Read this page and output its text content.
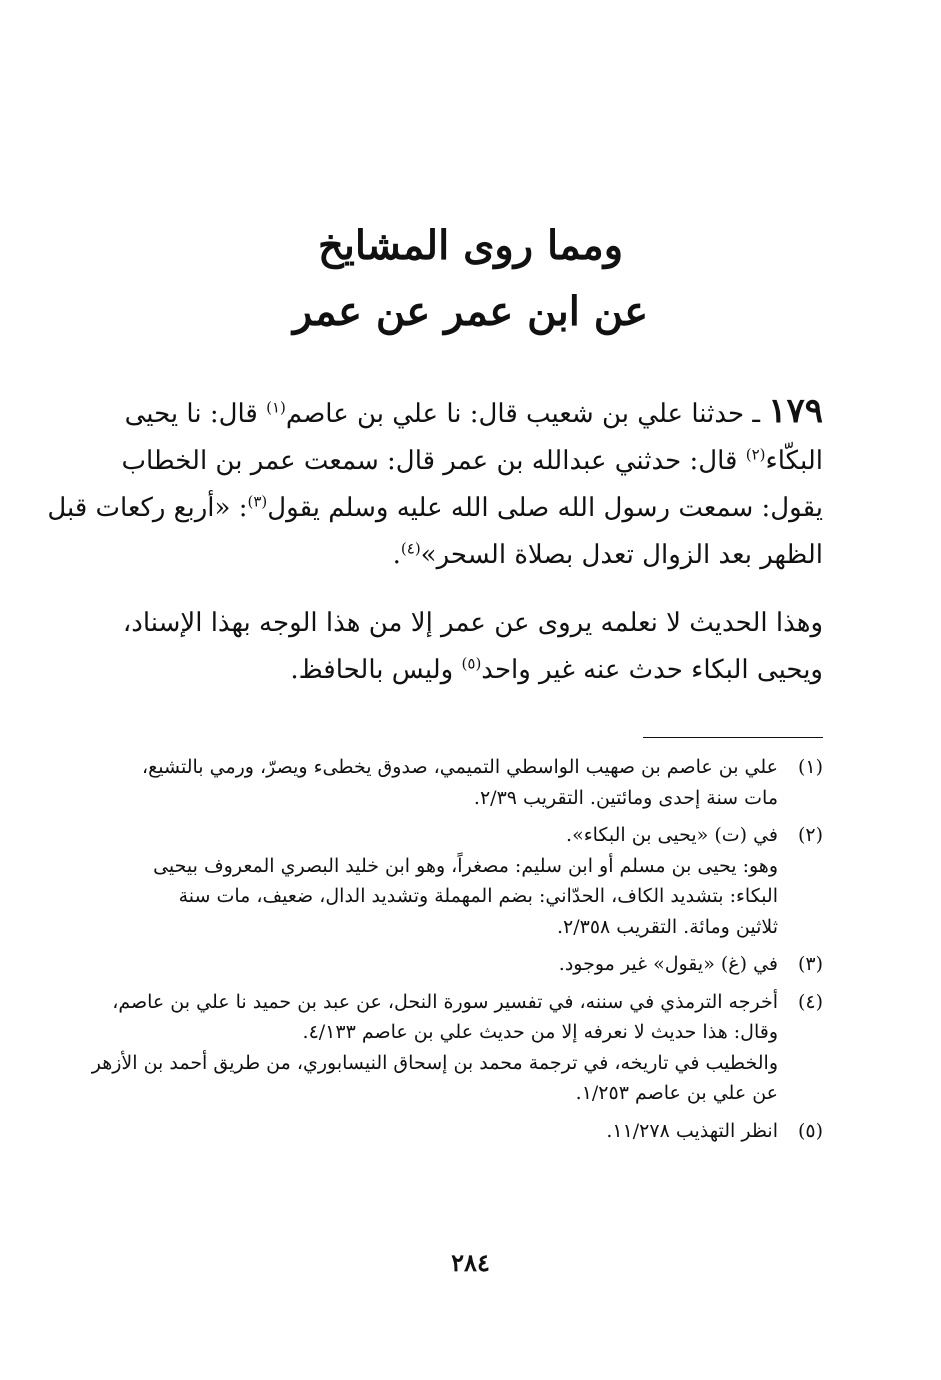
ومما روى المشايخ
عن ابن عمر عن عمر
١٧٩ ـ حدثنا علي بن شعيب قال: نا علي بن عاصم$^{(١)}$ قال: نا يحيى
البكّاء$^{(٢)}$ قال: حدثني عبدالله بن عمر قال: سمعت عمر بن الخطاب
يقول: سمعت رسول الله صلى الله عليه وسلم يقول$^{(٣)}$: «أربع ركعات قبل
الظهر بعد الزوال تعدل بصلاة السحر»$^{(٤)}$.
وهذا الحديث لا نعلمه يروى عن عمر إلا من هذا الوجه بهذا الإسناد،
ويحيى البكاء حدث عنه غير واحد$^{(٥)}$ وليس بالحافظ.
(١)
علي بن عاصم بن صهيب الواسطي التميمي، صدوق يخطىء ويصرّ، ورمي بالتشيع،
مات سنة إحدى ومائتين. التقريب ٢/٣٩.
(٢)
في (ت) «يحيى بن البكاء».
وهو: يحيى بن مسلم أو ابن سليم: مصغراً، وهو ابن خليد البصري المعروف بيحيى
البكاء: بتشديد الكاف، الحدّاني: بضم المهملة وتشديد الدال، ضعيف، مات سنة
ثلاثين ومائة. التقريب ٢/٣٥٨.
(٣)
في (غ) «يقول» غير موجود.
(٤)
أخرجه الترمذي في سننه، في تفسير سورة النحل، عن عبد بن حميد نا علي بن عاصم،
وقال: هذا حديث لا نعرفه إلا من حديث علي بن عاصم ٤/١٣٣.
والخطيب في تاريخه، في ترجمة محمد بن إسحاق النيسابوري، من طريق أحمد بن الأزهر
عن علي بن عاصم ١/٢٥٣.
(٥)
انظر التهذيب ١١/٢٧٨.
٢٨٤
